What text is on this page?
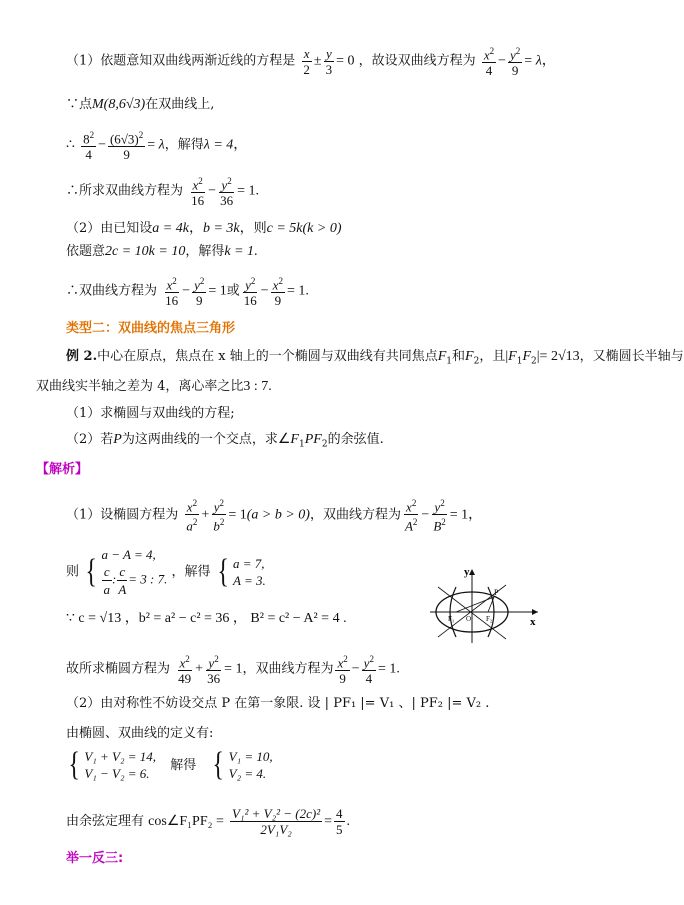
（1）依题意知双曲线两渐近线的方程是 $\frac{x}{2} \pm \frac{y}{3} = 0$ ，故设双曲线方程为 $\frac{x^2}{4} - \frac{y^2}{9} = \lambda$，
∵点M(8,6√3)在双曲线上,
∴ $\frac{8^2}{4} - \frac{(6√3)^2}{9} = \lambda$，解得λ = 4，
∴所求双曲线方程为 $\frac{x^2}{16} - \frac{y^2}{36} = 1$.
（2）由已知设a = 4k，b = 3k，则c = 5k(k > 0)
依题意2c = 10k = 10，解得k = 1.
∴双曲线方程为 $\frac{x^2}{16} - \frac{y^2}{9} = 1$或 $\frac{y^2}{16} - \frac{x^2}{9} = 1$.
类型二：双曲线的焦点三角形
例 2.中心在原点，焦点在 x 轴上的一个椭圆与双曲线有共同焦点$F_1$和$F_2$，且$|F_1F_2|= 2√13$，又椭圆长半轴与
双曲线实半轴之差为 4，离心率之比3 : 7.
（1）求椭圆与双曲线的方程;
（2）若P为这两曲线的一个交点，求$\angle F_1PF_2$的余弦值.
【解析】
（1）设椭圆方程为 $\frac{x^2}{a^2} + \frac{y^2}{b^2} = 1(a > b > 0)$，双曲线方程为 $\frac{x^2}{A^2} - \frac{y^2}{B^2} = 1$，
则 { a − A = 4,
$\frac{c}{a}$ : $\frac{c}{A} = 3$ : 7. ，解得 { a = 7,
A = 3.
∵ c = √13 ，b² = a² − c² = 36 ， B² = c² − A² = 4 .
故所求椭圆方程为 $\frac{x^2}{49} + \frac{y^2}{36} = 1$，双曲线方程为 $\frac{x^2}{9} - \frac{y^2}{4} = 1$.
（2）由对称性不妨设交点 P 在第一象限. 设 | PF₁ |= V₁ 、| PF₂ |= V₂ .
由椭圆、双曲线的定义有:
{ V₁ + V₂ = 14,
V₁ − V₂ = 6.
解得 { V₁ = 10,
V₂ = 4.
由余弦定理有 cos∠F₁PF₂ = $\frac{\text{V₁² + V₂² − (2c)²}}{\text{2V₁V₂}} = \frac{4}{5}$ .
举一反三:
y
x
P
F₁ O F₂
